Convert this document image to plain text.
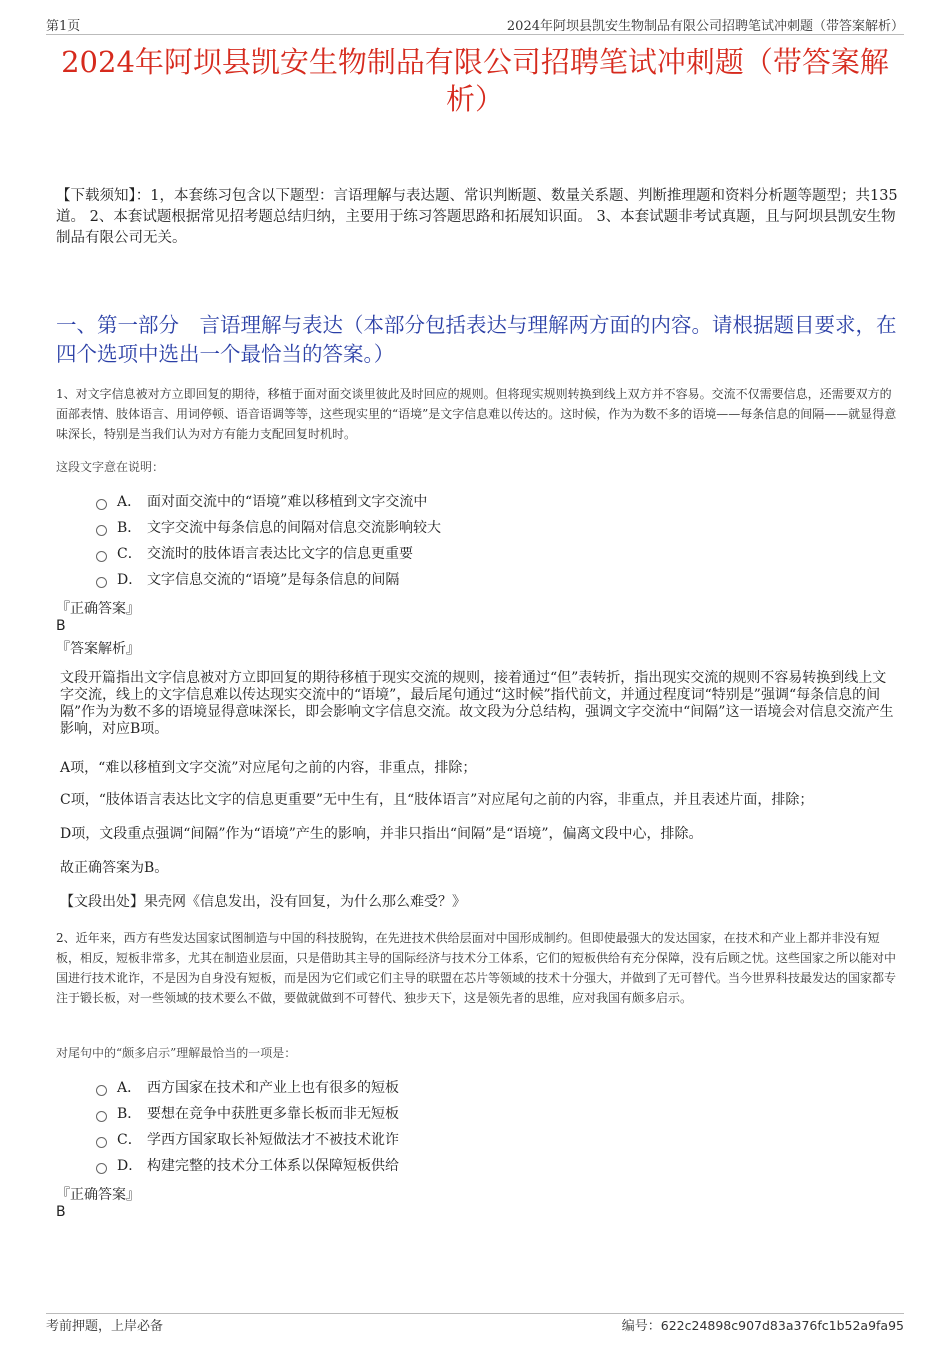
第1页	2024年阿坝县凯安生物制品有限公司招聘笔试冲刺题（带答案解析）
2024年阿坝县凯安生物制品有限公司招聘笔试冲刺题（带答案解析）

【下载须知】：1，本套练习包含以下题型：言语理解与表达题、常识判断题、数量关系题、判断推理题和资料分析题等题型；共135道。 2、本套试题根据常见招考题总结归纳，主要用于练习答题思路和拓展知识面。 3、本套试题非考试真题，且与阿坝县凯安生物制品有限公司无关。

一、第一部分　言语理解与表达（本部分包括表达与理解两方面的内容。请根据题目要求，在四个选项中选出一个最恰当的答案。）

1、对文字信息被对方立即回复的期待，移植于面对面交谈里彼此及时回应的规则。但将现实规则转换到线上双方并不容易。交流不仅需要信息，还需要双方的面部表情、肢体语言、用词停顿、语音语调等等，这些现实里的“语境”是文字信息难以传达的。这时候，作为为数不多的语境——每条信息的间隔——就显得意味深长，特别是当我们认为对方有能力支配回复时机时。

这段文字意在说明：

A． 面对面交流中的“语境”难以移植到文字交流中
B． 文字交流中每条信息的间隔对信息交流影响较大
C． 交流时的肢体语言表达比文字的信息更重要
D． 文字信息交流的“语境”是每条信息的间隔

『正确答案』

B

『答案解析』

文段开篇指出文字信息被对方立即回复的期待移植于现实交流的规则，接着通过“但”表转折，指出现实交流的规则不容易转换到线上文字交流，线上的文字信息难以传达现实交流中的“语境”，最后尾句通过“这时候”指代前文，并通过程度词“特别是”强调“每条信息的间隔”作为为数不多的语境显得意味深长，即会影响文字信息交流。故文段为分总结构，强调文字交流中“间隔”这一语境会对信息交流产生影响，对应B项。

A项，“难以移植到文字交流”对应尾句之前的内容，非重点，排除；

C项，“肢体语言表达比文字的信息更重要”无中生有，且“肢体语言”对应尾句之前的内容，非重点，并且表述片面，排除；

D项，文段重点强调“间隔”作为“语境”产生的影响，并非只指出“间隔”是“语境”，偏离文段中心，排除。

故正确答案为B。

【文段出处】果壳网《信息发出，没有回复，为什么那么难受？》

2、近年来，西方有些发达国家试图制造与中国的科技脱钩，在先进技术供给层面对中国形成制约。但即使最强大的发达国家，在技术和产业上都并非没有短板，相反，短板非常多，尤其在制造业层面，只是借助其主导的国际经济与技术分工体系，它们的短板供给有充分保障，没有后顾之忧。这些国家之所以能对中国进行技术讹诈，不是因为自身没有短板，而是因为它们或它们主导的联盟在芯片等领域的技术十分强大，并做到了无可替代。当今世界科技最发达的国家都专注于锻长板，对一些领域的技术要么不做，要做就做到不可替代、独步天下，这是领先者的思维，应对我国有颇多启示。

对尾句中的“颇多启示”理解最恰当的一项是：

A． 西方国家在技术和产业上也有很多的短板
B． 要想在竞争中获胜更多靠长板而非无短板
C． 学西方国家取长补短做法才不被技术讹诈
D． 构建完整的技术分工体系以保障短板供给

『正确答案』

B

考前押题，上岸必备	编号：622c24898c907d83a376fc1b52a9fa95
